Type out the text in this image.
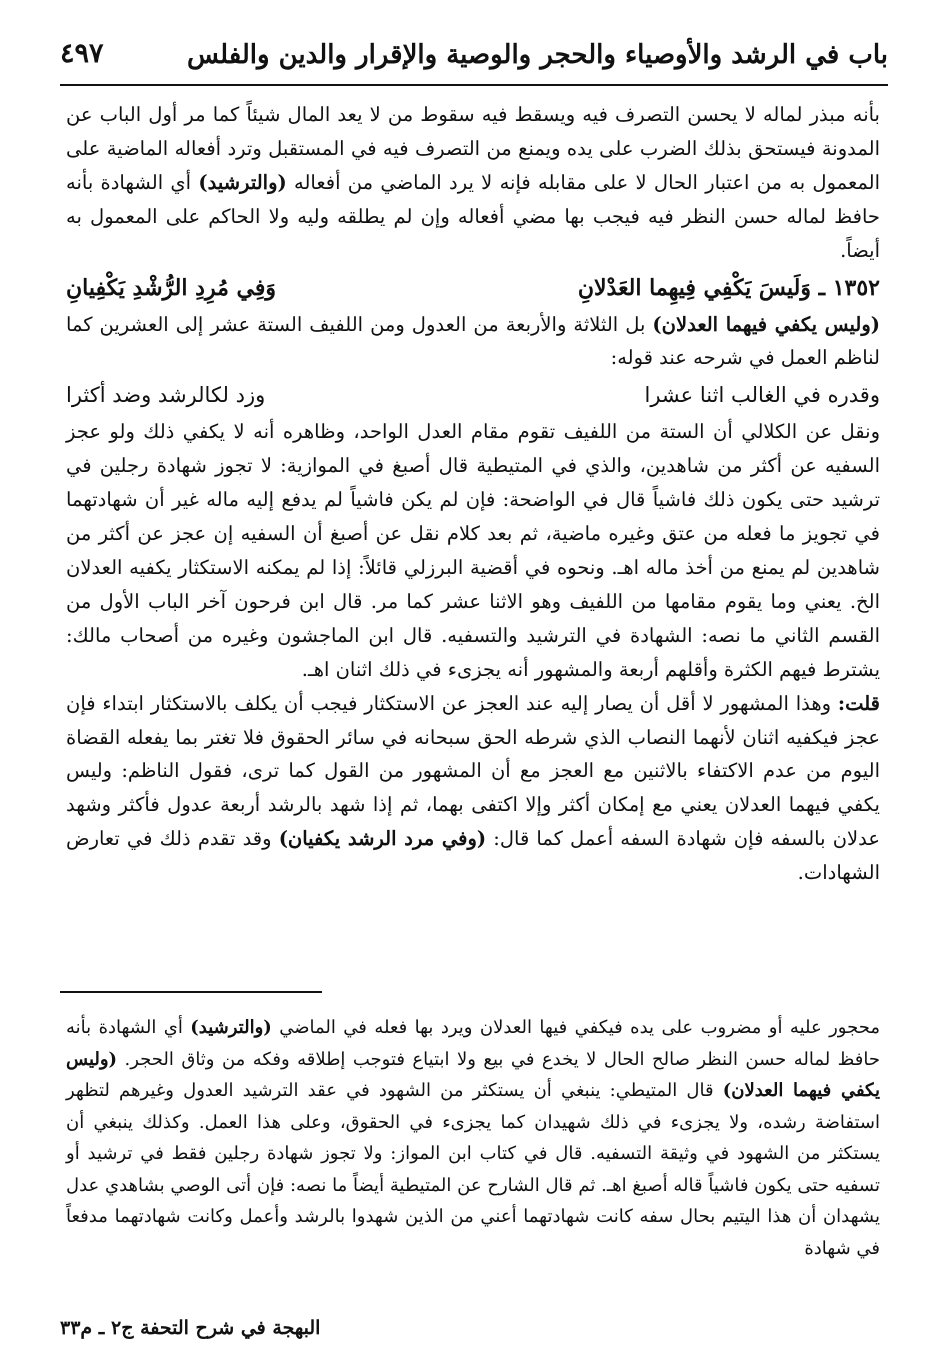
باب في الرشد والأوصياء والحجر والوصية والإقرار والدين والفلس
٤٩٧

بأنه مبذر لماله لا يحسن التصرف فيه ويسقط فيه سقوط من لا يعد المال شيئاً كما مر أول الباب عن المدونة فيستحق بذلك الضرب على يده ويمنع من التصرف فيه في المستقبل وترد أفعاله الماضية على المعمول به من اعتبار الحال لا على مقابله فإنه لا يرد الماضي من أفعاله (والترشيد) أي الشهادة بأنه حافظ لماله حسن النظر فيه فيجب بها مضي أفعاله وإن لم يطلقه وليه ولا الحاكم على المعمول به أيضاً.

١٣٥٢ ـ وَلَيسَ يَكْفِي فِيهِما العَدْلانِ
وَفِي مُرِدِ الرُّشْدِ يَكْفِيانِ

(وليس يكفي فيهما العدلان) بل الثلاثة والأربعة من العدول ومن اللفيف الستة عشر إلى العشرين كما لناظم العمل في شرحه عند قوله:

وقدره في الغالب اثنا عشرا
وزد لكالرشد وضد أكثرا

ونقل عن الكلالي أن الستة من اللفيف تقوم مقام العدل الواحد، وظاهره أنه لا يكفي ذلك ولو عجز السفيه عن أكثر من شاهدين، والذي في المتيطية قال أصبغ في الموازية: لا تجوز شهادة رجلين في ترشيد حتى يكون ذلك فاشياً قال في الواضحة: فإن لم يكن فاشياً لم يدفع إليه ماله غير أن شهادتهما في تجويز ما فعله من عتق وغيره ماضية، ثم بعد كلام نقل عن أصبغ أن السفيه إن عجز عن أكثر من شاهدين لم يمنع من أخذ ماله اهـ. ونحوه في أقضية البرزلي قائلاً: إذا لم يمكنه الاستكثار يكفيه العدلان الخ. يعني وما يقوم مقامها من اللفيف وهو الاثنا عشر كما مر. قال ابن فرحون آخر الباب الأول من القسم الثاني ما نصه: الشهادة في الترشيد والتسفيه. قال ابن الماجشون وغيره من أصحاب مالك: يشترط فيهم الكثرة وأقلهم أربعة والمشهور أنه يجزىء في ذلك اثنان اهـ.

قلت: وهذا المشهور لا أقل أن يصار إليه عند العجز عن الاستكثار فيجب أن يكلف بالاستكثار ابتداء فإن عجز فيكفيه اثنان لأنهما النصاب الذي شرطه الحق سبحانه في سائر الحقوق فلا تغتر بما يفعله القضاة اليوم من عدم الاكتفاء بالاثنين مع العجز مع أن المشهور من القول كما ترى، فقول الناظم: وليس يكفي فيهما العدلان يعني مع إمكان أكثر وإلا اكتفى بهما، ثم إذا شهد بالرشد أربعة عدول فأكثر وشهد عدلان بالسفه فإن شهادة السفه أعمل كما قال: (وفي مرد الرشد يكفيان) وقد تقدم ذلك في تعارض الشهادات.

محجور عليه أو مضروب على يده فيكفي فيها العدلان ويرد بها فعله في الماضي (والترشيد) أي الشهادة بأنه حافظ لماله حسن النظر صالح الحال لا يخدع في بيع ولا ابتياع فتوجب إطلاقه وفكه من وثاق الحجر. (وليس يكفي فيهما العدلان) قال المتيطي: ينبغي أن يستكثر من الشهود في عقد الترشيد العدول وغيرهم لتظهر استفاضة رشده، ولا يجزىء في ذلك شهيدان كما يجزىء في الحقوق، وعلى هذا العمل. وكذلك ينبغي أن يستكثر من الشهود في وثيقة التسفيه. قال في كتاب ابن المواز: ولا تجوز شهادة رجلين فقط في ترشيد أو تسفيه حتى يكون فاشياً قاله أصبغ اهـ. ثم قال الشارح عن المتيطية أيضاً ما نصه: فإن أتى الوصي بشاهدي عدل يشهدان أن هذا اليتيم بحال سفه كانت شهادتهما أعني من الذين شهدوا بالرشد وأعمل وكانت شهادتهما مدفعاً في شهادة

البهجة في شرح التحفة ج٢ ـ م٣٣
